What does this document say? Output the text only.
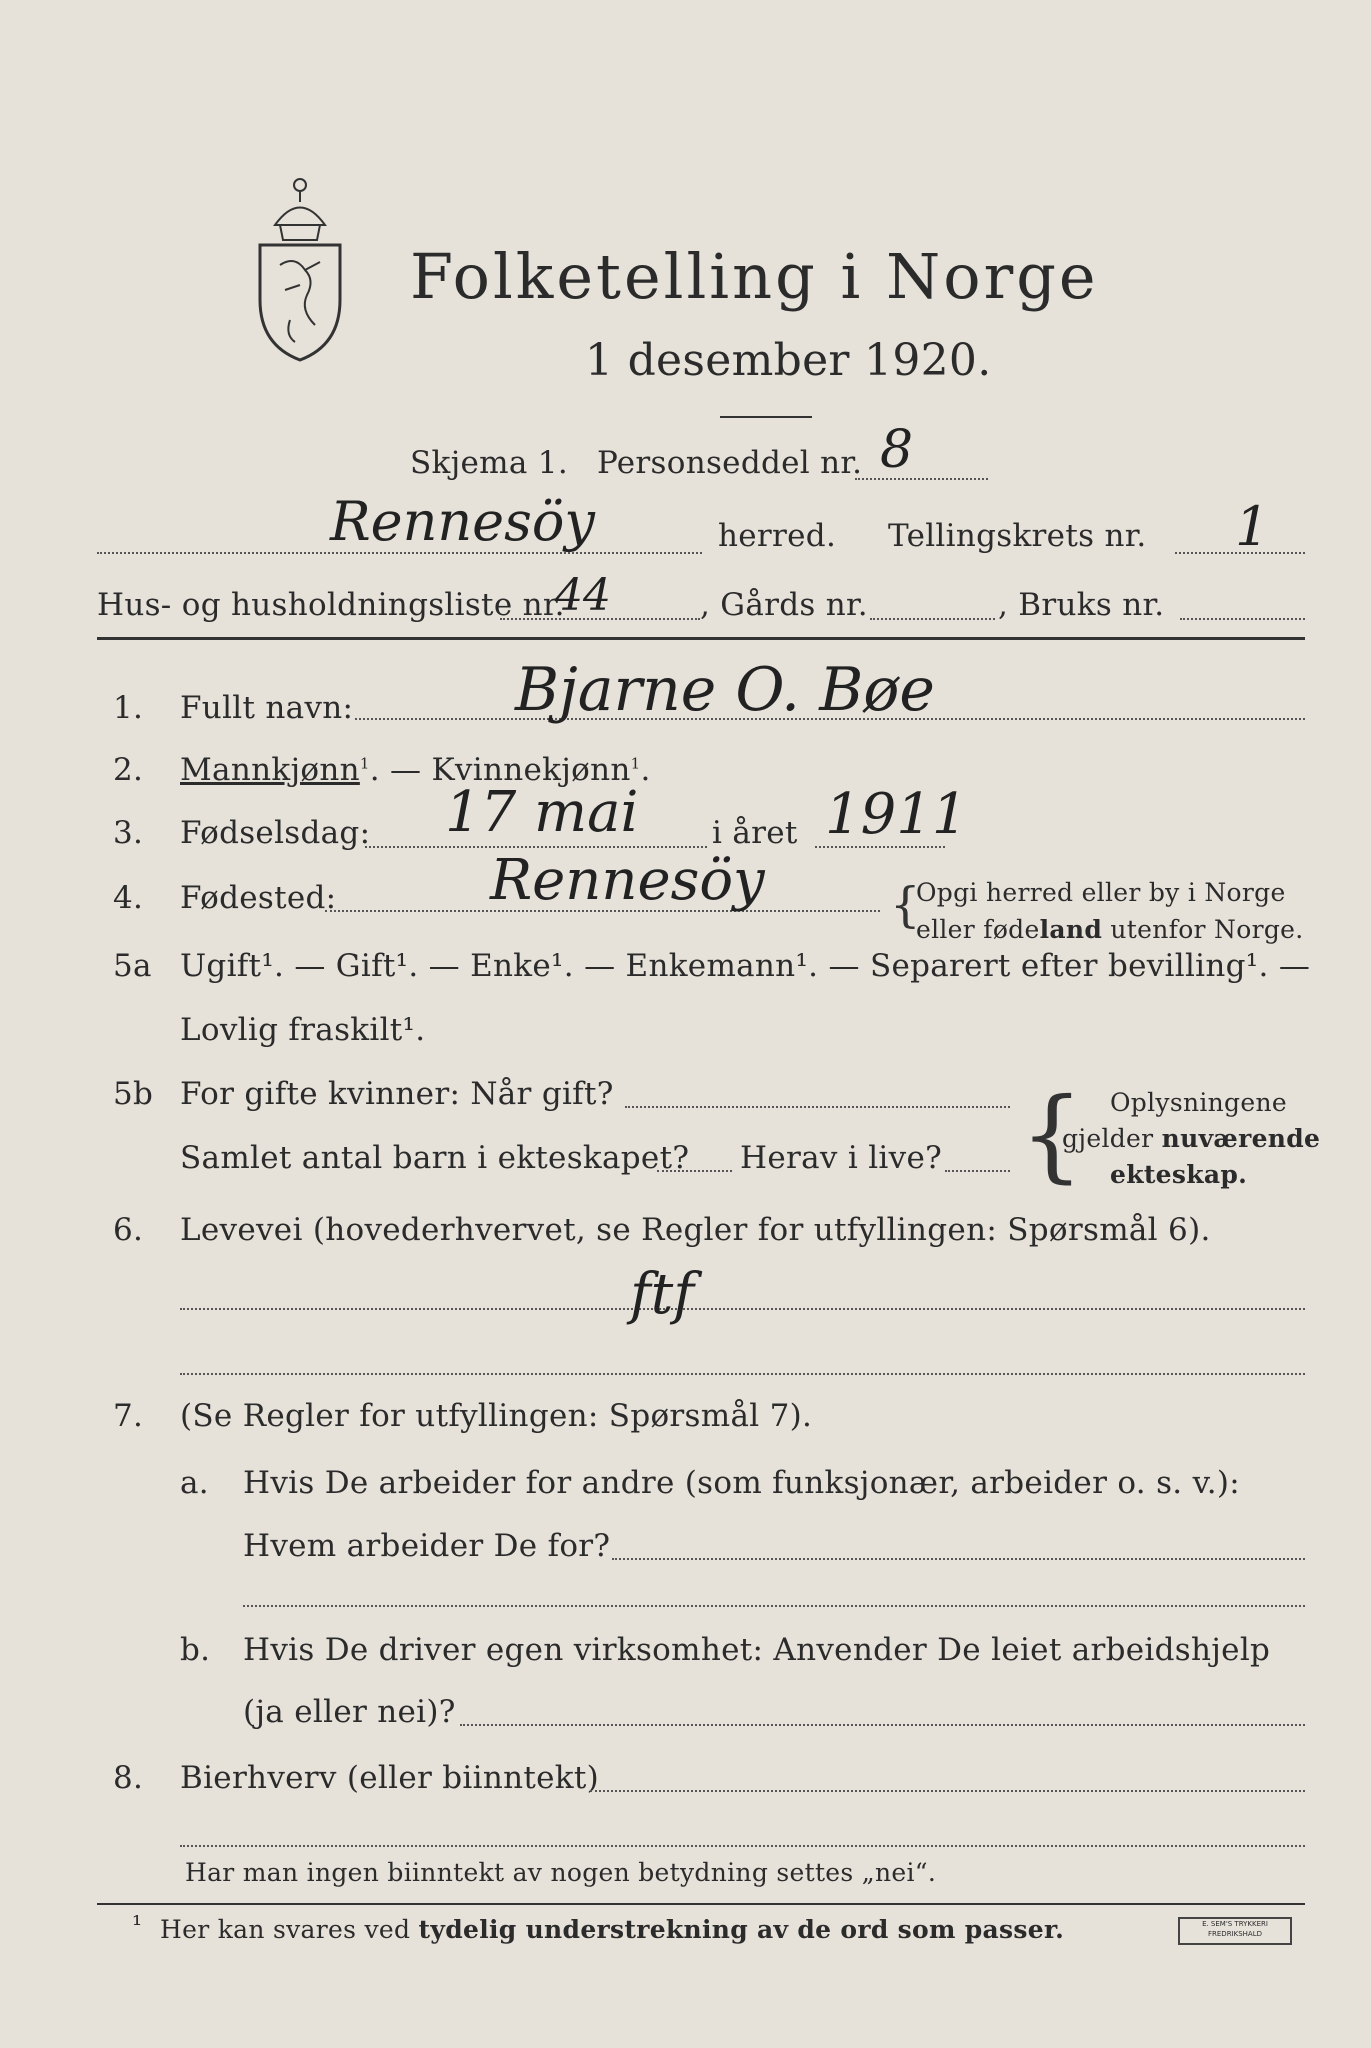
Folketelling i Norge
1 desember 1920.
Skjema 1. Personseddel nr. 8
Rennesöy	herred. Tellingskrets nr. 1
Hus- og husholdningsliste nr.
44	, Gårds nr.	, Bruks nr.
1. Fullt navn:	Bjarne O. Bøe
2. Mannkjønn$^1$. — Kvinnekjønn$^1$.
3. Fødselsdag: 17 mai i året 1911
4. Fødested:	Rennesöy	{
Opgi herred eller by i Norge
eller fødeland utenfor Norge.
5a Ugift¹. — Gift¹. — Enke¹. — Enkemann¹. — Separert efter bevilling¹. —
Lovlig fraskilt¹.
5b For gifte kvinner: Når gift?
Samlet antal barn i ekteskapet? Herav i live? { Oplysningene
gjelder nuværende
ekteskap.
6. Levevei (hovederhvervet, se Regler for utfyllingen: Spørsmål 6).
ftf
7. (Se Regler for utfyllingen: Spørsmål 7).
a. Hvis De arbeider for andre (som funksjonær, arbeider o. s. v.):
Hvem arbeider De for?
b. Hvis De driver egen virksomhet: Anvender De leiet arbeidshjelp
(ja eller nei)?
8. Bierhverv (eller biinntekt)
Har man ingen biinntekt av nogen betydning settes „nei“.
¹ Her kan svares ved tydelig understrekning av de ord som passer.	E. SEM'S TRYKKERI FREDRIKSHALD
